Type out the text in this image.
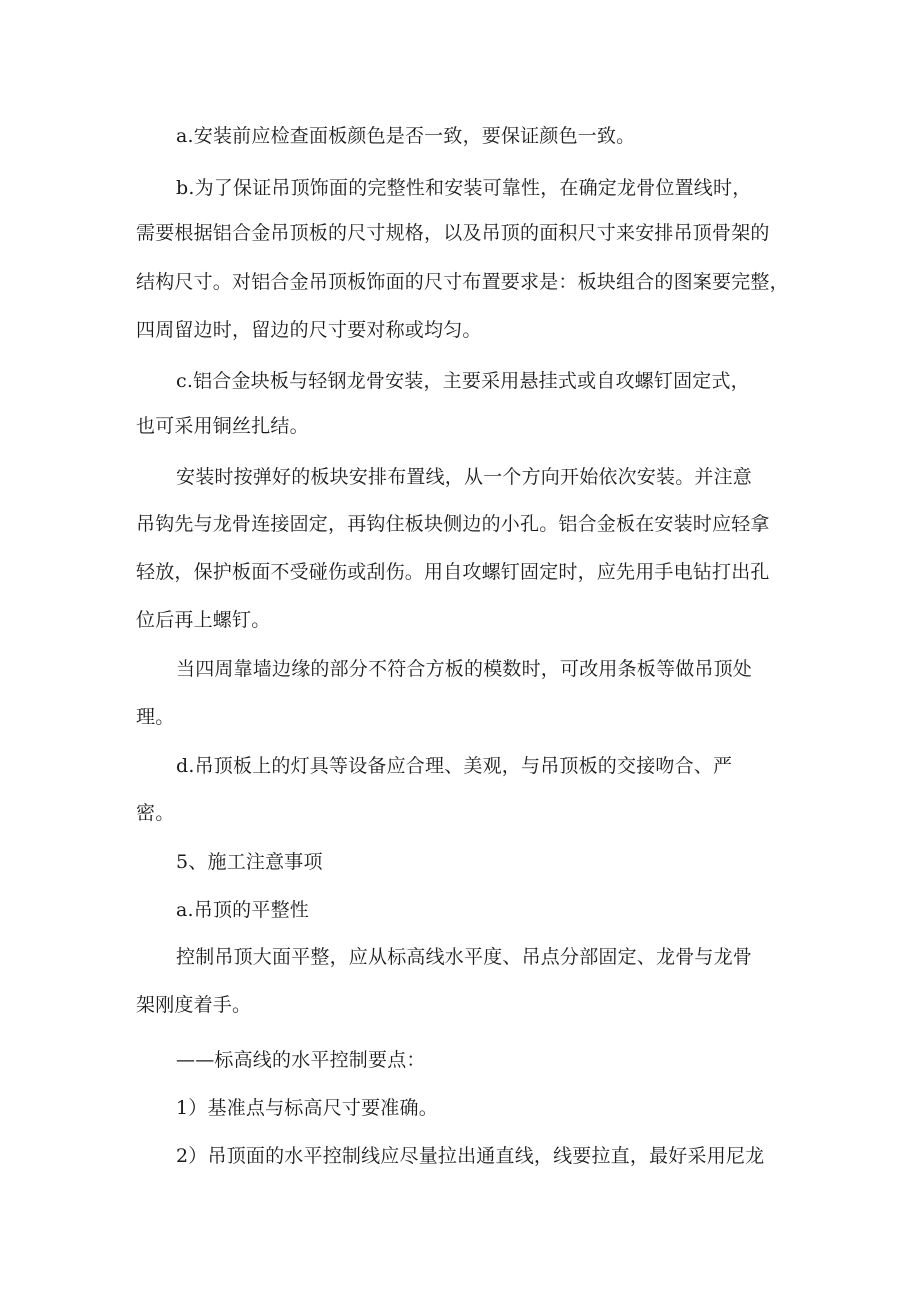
a.安装前应检查面板颜色是否一致，要保证颜色一致。
b.为了保证吊顶饰面的完整性和安装可靠性，在确定龙骨位置线时，
需要根据铝合金吊顶板的尺寸规格，以及吊顶的面积尺寸来安排吊顶骨架的
结构尺寸。对铝合金吊顶板饰面的尺寸布置要求是：板块组合的图案要完整，
四周留边时，留边的尺寸要对称或均匀。
c.铝合金块板与轻钢龙骨安装，主要采用悬挂式或自攻螺钉固定式，
也可采用铜丝扎结。
安装时按弹好的板块安排布置线，从一个方向开始依次安装。并注意
吊钩先与龙骨连接固定，再钩住板块侧边的小孔。铝合金板在安装时应轻拿
轻放，保护板面不受碰伤或刮伤。用自攻螺钉固定时，应先用手电钻打出孔
位后再上螺钉。
当四周靠墙边缘的部分不符合方板的模数时，可改用条板等做吊顶处
理。
d.吊顶板上的灯具等设备应合理、美观，与吊顶板的交接吻合、严
密。
5、施工注意事项
a.吊顶的平整性
控制吊顶大面平整，应从标高线水平度、吊点分部固定、龙骨与龙骨
架刚度着手。
——标高线的水平控制要点：
1）基准点与标高尺寸要准确。
2）吊顶面的水平控制线应尽量拉出通直线，线要拉直，最好采用尼龙
